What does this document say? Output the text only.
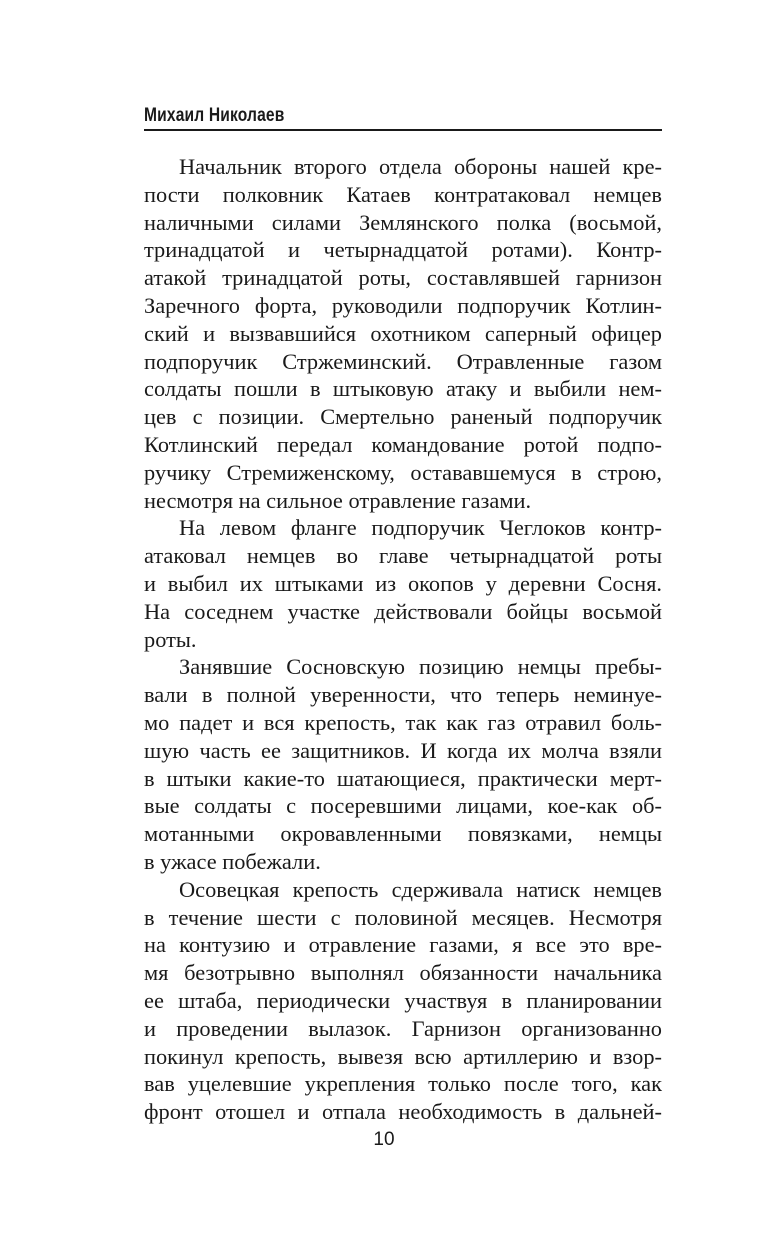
Михаил Николаев
Начальник второго отдела обороны нашей кре-
пости полковник Катаев контратаковал немцев
наличными силами Землянского полка (восьмой,
тринадцатой и четырнадцатой ротами). Контр-
атакой тринадцатой роты, составлявшей гарнизон
Заречного форта, руководили подпоручик Котлин-
ский и вызвавшийся охотником саперный офицер
подпоручик Стржеминский. Отравленные газом
солдаты пошли в штыковую атаку и выбили нем-
цев с позиции. Смертельно раненый подпоручик
Котлинский передал командование ротой подпо-
ручику Стремиженскому, остававшемуся в строю,
несмотря на сильное отравление газами.
На левом фланге подпоручик Чеглоков контр-
атаковал немцев во главе четырнадцатой роты
и выбил их штыками из окопов у деревни Сосня.
На соседнем участке действовали бойцы восьмой
роты.
Занявшие Сосновскую позицию немцы пребы-
вали в полной уверенности, что теперь неминуе-
мо падет и вся крепость, так как газ отравил боль-
шую часть ее защитников. И когда их молча взяли
в штыки какие-то шатающиеся, практически мерт-
вые солдаты с посеревшими лицами, кое-как об-
мотанными окровавленными повязками, немцы
в ужасе побежали.
Осовецкая крепость сдерживала натиск немцев
в течение шести с половиной месяцев. Несмотря
на контузию и отравление газами, я все это вре-
мя безотрывно выполнял обязанности начальника
ее штаба, периодически участвуя в планировании
и проведении вылазок. Гарнизон организованно
покинул крепость, вывезя всю артиллерию и взор-
вав уцелевшие укрепления только после того, как
фронт отошел и отпала необходимость в дальней-
10
